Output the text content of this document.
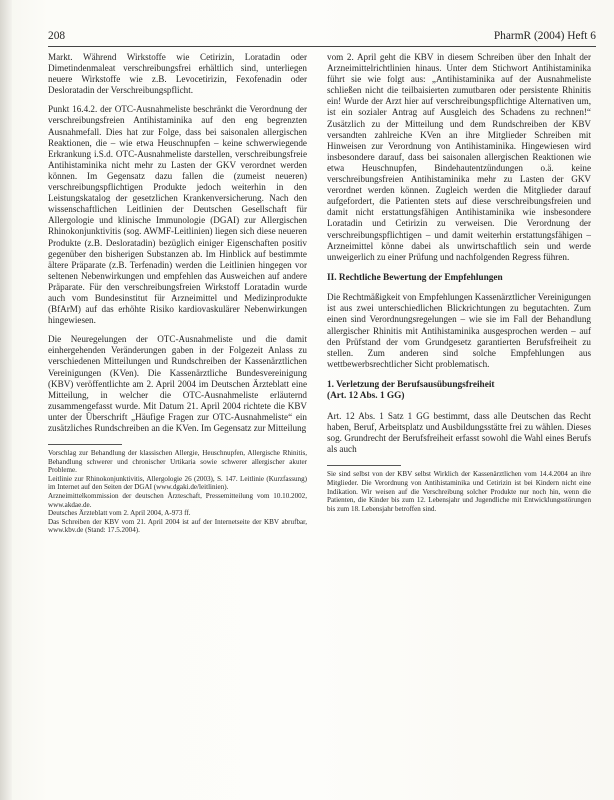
208	PharmR (2004) Heft 6

Markt. Während Wirkstoffe wie Cetirizin, Loratadin oder Dimetindenmaleat verschreibungsfrei erhältlich sind, unterliegen neuere Wirkstoffe wie z.B. Levocetirizin, Fexofenadin oder Desloratadin der Verschreibungspflicht.

Punkt 16.4.2. der OTC-Ausnahmeliste beschränkt die Verordnung der verschreibungsfreien Antihistaminika auf den eng begrenzten Ausnahmefall. Dies hat zur Folge, dass bei saisonalen allergischen Reaktionen, die – wie etwa Heuschnupfen – keine schwerwiegende Erkrankung i.S.d. OTC-Ausnahmeliste darstellen, verschreibungsfreie Antihistaminika nicht mehr zu Lasten der GKV verordnet werden können. Im Gegensatz dazu fallen die (zumeist neueren) verschreibungspflichtigen Produkte jedoch weiterhin in den Leistungskatalog der gesetzlichen Krankenversicherung. Nach den wissenschaftlichen Leitlinien der Deutschen Gesellschaft für Allergologie und klinische Immunologie (DGAI) zur Allergischen Rhinokonjunktivitis (sog. AWMF-Leitlinien) liegen sich diese neueren Produkte (z.B. Desloratadin) bezüglich einiger Eigenschaften positiv gegenüber den bisherigen Substanzen ab. Im Hinblick auf bestimmte ältere Präparate (z.B. Terfenadin) werden die Leitlinien hingegen vor seltenen Nebenwirkungen und empfehlen das Ausweichen auf andere Präparate. Für den verschreibungsfreien Wirkstoff Loratadin wurde auch vom Bundesinstitut für Arzneimittel und Medizinprodukte (BfArM) auf das erhöhte Risiko kardiovaskulärer Nebenwirkungen hingewiesen.

Die Neuregelungen der OTC-Ausnahmeliste und die damit einhergehenden Veränderungen gaben in der Folgezeit Anlass zu verschiedenen Mitteilungen und Rundschreiben der Kassenärztlichen Vereinigungen (KVen). Die Kassenärztliche Bundesvereinigung (KBV) veröffentlichte am 2. April 2004 im Deutschen Ärzteblatt eine Mitteilung, in welcher die OTC-Ausnahmeliste erläuternd zusammengefasst wurde. Mit Datum 21. April 2004 richtete die KBV unter der Überschrift „Häufige Fragen zur OTC-Ausnahmeliste“ ein zusätzliches Rundschreiben an die KVen. Im Gegensatz zur Mitteilung

Vorschlag zur Behandlung der klassischen Allergie, Heuschnupfen, Allergische Rhinitis, Behandlung schwerer und chronischer Urtikaria sowie schwerer allergischer akuter Probleme.

Leitlinie zur Rhinokonjunktivitis, Allergologie 26 (2003), S. 147. Leitlinie (Kurzfassung) im Internet auf den Seiten der DGAI (www.dgaki.de/leitlinien).

Arzneimittelkommission der deutschen Ärzteschaft, Pressemitteilung vom 10.10.2002, www.akdae.de.

Deutsches Ärzteblatt vom 2. April 2004, A-973 ff.

Das Schreiben der KBV vom 21. April 2004 ist auf der Internetseite der KBV abrufbar, www.kbv.de (Stand: 17.5.2004).

vom 2. April geht die KBV in diesem Schreiben über den Inhalt der Arzneimittelrichtlinien hinaus. Unter dem Stichwort Antihistaminika führt sie wie folgt aus: „Antihistaminika auf der Ausnahmeliste schließen nicht die teilbaisierten zumutbaren oder persistente Rhinitis ein! Wurde der Arzt hier auf verschreibungspflichtige Alternativen um, ist ein sozialer Antrag auf Ausgleich des Schadens zu rechnen!“ Zusätzlich zu der Mitteilung und dem Rundschreiben der KBV versandten zahlreiche KVen an ihre Mitglieder Schreiben mit Hinweisen zur Verordnung von Antihistaminika. Hingewiesen wird insbesondere darauf, dass bei saisonalen allergischen Reaktionen wie etwa Heuschnupfen, Bindehautentzündungen o.ä. keine verschreibungsfreien Antihistaminika mehr zu Lasten der GKV verordnet werden können. Zugleich werden die Mitglieder darauf aufgefordert, die Patienten stets auf diese verschreibungsfreien und damit nicht erstattungsfähigen Antihistaminika wie insbesondere Loratadin und Cetirizin zu verweisen. Die Verordnung der verschreibungspflichtigen – und damit weiterhin erstattungsfähigen – Arzneimittel könne dabei als unwirtschaftlich sein und werde unweigerlich zu einer Prüfung und nachfolgenden Regress führen.

II. Rechtliche Bewertung der Empfehlungen

Die Rechtmäßigkeit von Empfehlungen Kassenärztlicher Vereinigungen ist aus zwei unterschiedlichen Blickrichtungen zu begutachten. Zum einen sind Verordnungsregelungen – wie sie im Fall der Behandlung allergischer Rhinitis mit Antihistaminika ausgesprochen werden – auf den Prüfstand der vom Grundgesetz garantierten Berufsfreiheit zu stellen. Zum anderen sind solche Empfehlungen aus wettbewerbsrechtlicher Sicht problematisch.

1. Verletzung der Berufsausübungsfreiheit
(Art. 12 Abs. 1 GG)

Art. 12 Abs. 1 Satz 1 GG bestimmt, dass alle Deutschen das Recht haben, Beruf, Arbeitsplatz und Ausbildungsstätte frei zu wählen. Dieses sog. Grundrecht der Berufsfreiheit erfasst sowohl die Wahl eines Berufs als auch

Sie sind selbst von der KBV selbst Wirklich der Kassenärztlichen vom 14.4.2004 an ihre Mitglieder. Die Verordnung von Antihistaminika und Cetirizin ist bei Kindern nicht eine Indikation. Wir weisen auf die Verschreibung solcher Produkte nur noch hin, wenn die Patienten, die Kinder bis zum 12. Lebensjahr und Jugendliche mit Entwicklungsstörungen bis zum 18. Lebensjahr betroffen sind.
